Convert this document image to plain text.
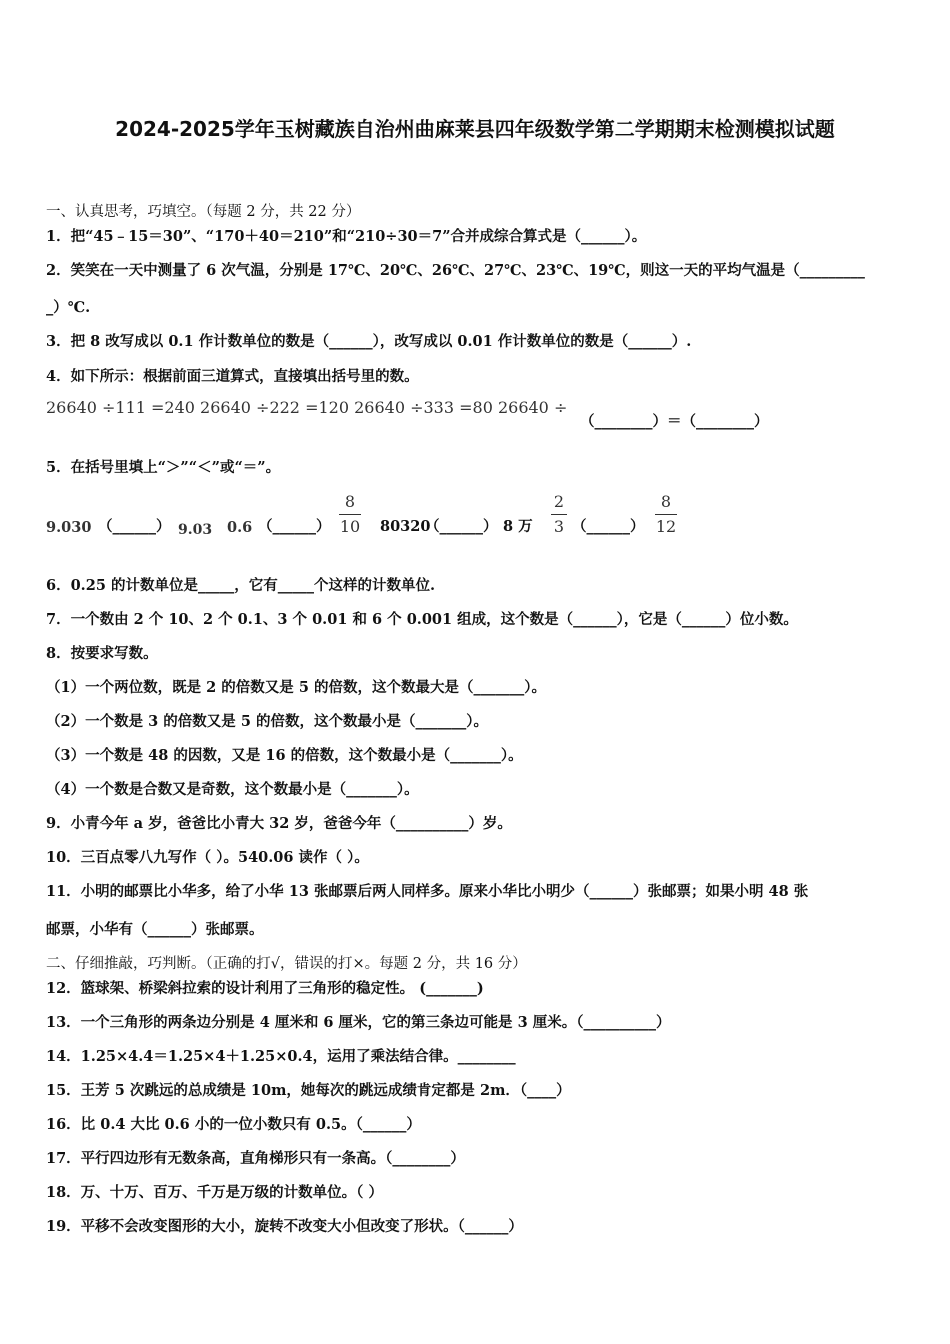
2024-2025学年玉树藏族自治州曲麻莱县四年级数学第二学期期末检测模拟试题
一、认真思考，巧填空。（每题 2 分，共 22 分）
1．把“45﹣15＝30”、“170＋40＝210”和“210÷30＝7”合并成综合算式是（______）。
2．笑笑在一天中测量了 6 次气温，分别是 17℃、20℃、26℃、27℃、23℃、19℃，则这一天的平均气温是（_________
_）℃.
3．把 8 改写成以 0.1 作计数单位的数是（______），改写成以 0.01 作计数单位的数是（______）.
4．如下所示：根据前面三道算式，直接填出括号里的数。
26640 ÷111 =240 26640 ÷222 =120 26640 ÷333 =80 26640 ÷
（________）＝（________）
5．在括号里填上“＞”“＜”或“＝”。
9.030 （______） 9.03 0.6 （______） $\frac{8}{10} 80320$
（______） 8 万 $\frac{2}{3}$ （______） $\frac{8}{12}$
6．0.25 的计数单位是_____，它有_____个这样的计数单位.
7．一个数由 2 个 10、2 个 0.1、3 个 0.01 和 6 个 0.001 组成，这个数是（______），它是（______）位小数。
8．按要求写数。
（1）一个两位数，既是 2 的倍数又是 5 的倍数，这个数最大是（_______）。
（2）一个数是 3 的倍数又是 5 的倍数，这个数最小是（_______）。
（3）一个数是 48 的因数，又是 16 的倍数，这个数最小是（_______）。
（4）一个数是合数又是奇数，这个数最小是（_______）。
9．小青今年 a 岁，爸爸比小青大 32 岁，爸爸今年（__________）岁。
10．三百点零八九写作（ ）。540.06 读作（ ）。
11．小明的邮票比小华多，给了小华 13 张邮票后两人同样多。原来小华比小明少（______）张邮票；如果小明 48 张
邮票，小华有（______）张邮票。
二、仔细推敲，巧判断。（正确的打√，错误的打×。每题 2 分，共 16 分）
12．篮球架、桥梁斜拉索的设计利用了三角形的稳定性。 (_______)
13．一个三角形的两条边分别是 4 厘米和 6 厘米，它的第三条边可能是 3 厘米。（__________）
14．1.25×4.4＝1.25×4＋1.25×0.4，运用了乘法结合律。________
15．王芳 5 次跳远的总成绩是 10m，她每次的跳远成绩肯定都是 2m．（____）
16．比 0.4 大比 0.6 小的一位小数只有 0.5。（______）
17．平行四边形有无数条高，直角梯形只有一条高。（________）
18．万、十万、百万、千万是万级的计数单位。（ ）
19．平移不会改变图形的大小，旋转不改变大小但改变了形状。（______）
